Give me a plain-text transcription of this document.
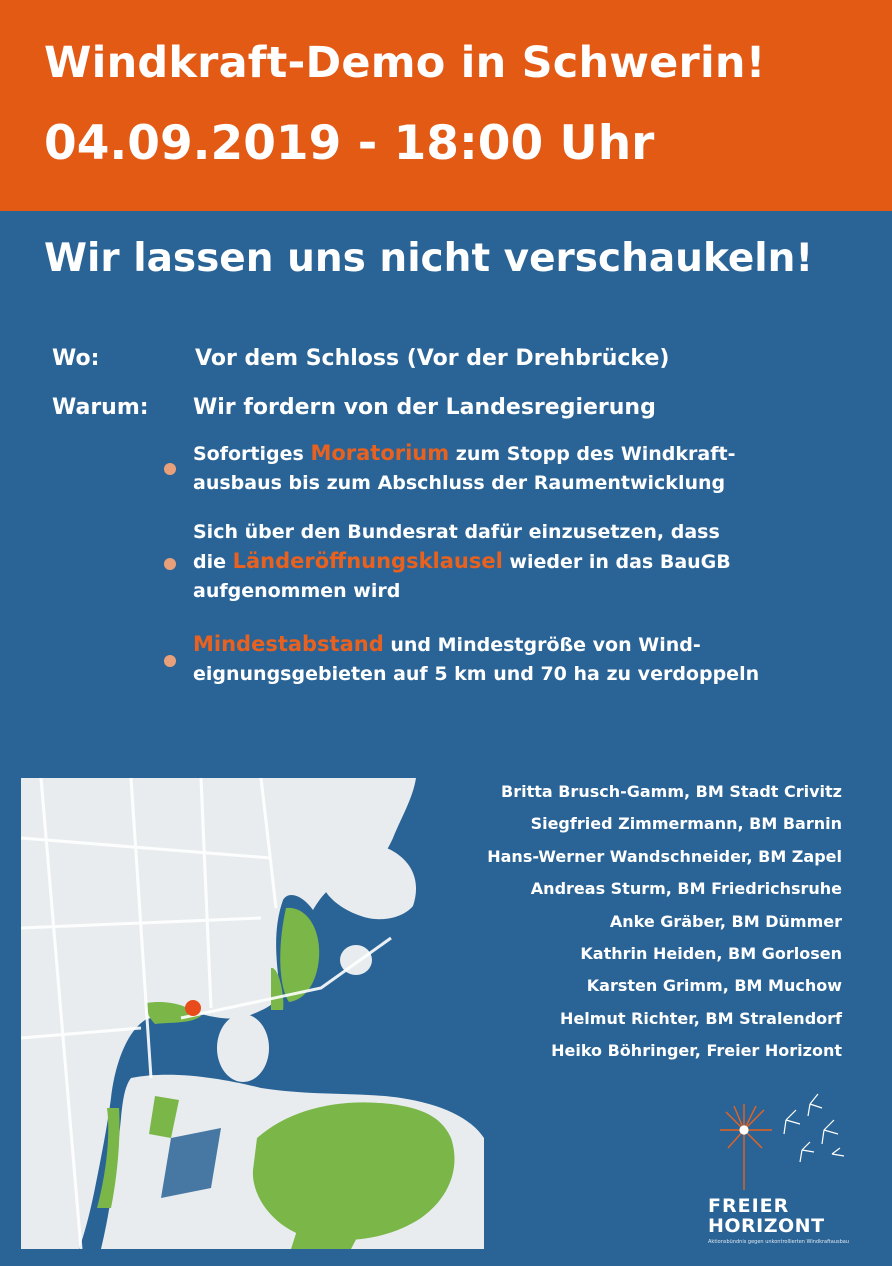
Windkraft-Demo in Schwerin!
04.09.2019 - 18:00 Uhr
Wir lassen uns nicht verschaukeln!
Wo:	Vor dem Schloss (Vor der Drehbrücke)
Warum: Wir fordern von der Landesregierung
Sofortiges Moratorium zum Stopp des Windkraft-
ausbaus bis zum Abschluss der Raumentwicklung
Sich über den Bundesrat dafür einzusetzen, dass
die Länderöffnungsklausel wieder in das BauGB
aufgenommen wird
Mindestabstand und Mindestgröße von Wind-
eignungsgebieten auf 5 km und 70 ha zu verdoppeln
Britta Brusch-Gamm, BM Stadt Crivitz
Siegfried Zimmermann, BM Barnin
Hans-Werner Wandschneider, BM Zapel
Andreas Sturm, BM Friedrichsruhe
Anke Gräber, BM Dümmer
Kathrin Heiden, BM Gorlosen
Karsten Grimm, BM Muchow
Helmut Richter, BM Stralendorf
Heiko Böhringer, Freier Horizont
FREIER
HORIZONT
Aktionsbündnis gegen unkontrollierten Windkraftausbau
